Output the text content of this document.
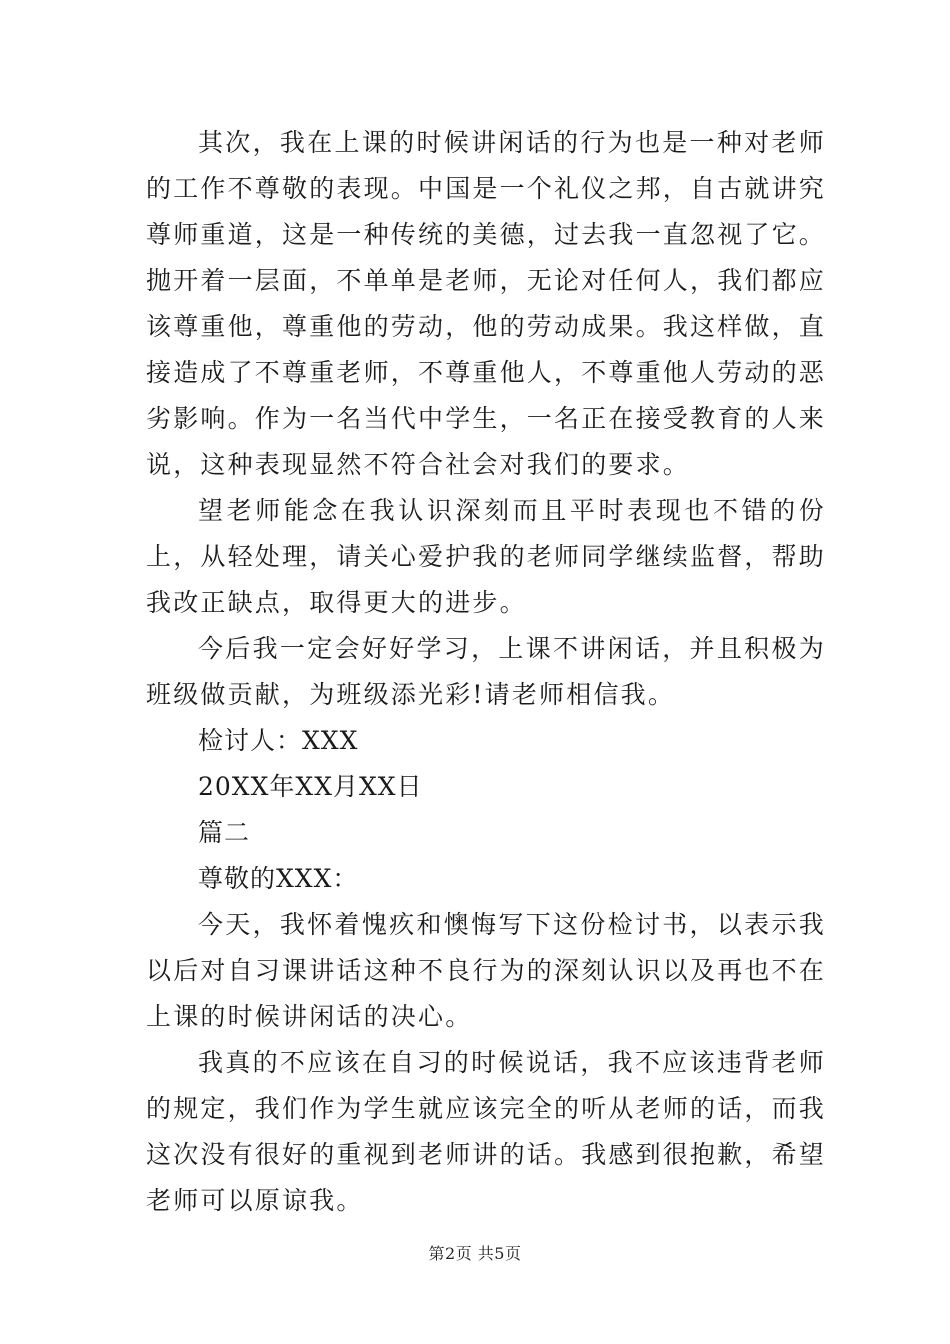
其次，我在上课的时候讲闲话的行为也是一种对老师的工作不尊敬的表现。中国是一个礼仪之邦，自古就讲究尊师重道，这是一种传统的美德，过去我一直忽视了它。抛开着一层面，不单单是老师，无论对任何人，我们都应该尊重他，尊重他的劳动，他的劳动成果。我这样做，直接造成了不尊重老师，不尊重他人，不尊重他人劳动的恶劣影响。作为一名当代中学生，一名正在接受教育的人来说，这种表现显然不符合社会对我们的要求。

望老师能念在我认识深刻而且平时表现也不错的份上，从轻处理，请关心爱护我的老师同学继续监督，帮助我改正缺点，取得更大的进步。

今后我一定会好好学习，上课不讲闲话，并且积极为班级做贡献，为班级添光彩!请老师相信我。

检讨人：XXX

20XX年XX月XX日

篇二

尊敬的XXX：

今天，我怀着愧疚和懊悔写下这份检讨书，以表示我以后对自习课讲话这种不良行为的深刻认识以及再也不在上课的时候讲闲话的决心。

我真的不应该在自习的时候说话，我不应该违背老师的规定，我们作为学生就应该完全的听从老师的话，而我这次没有很好的重视到老师讲的话。我感到很抱歉，希望老师可以原谅我。

第2页 共5页
